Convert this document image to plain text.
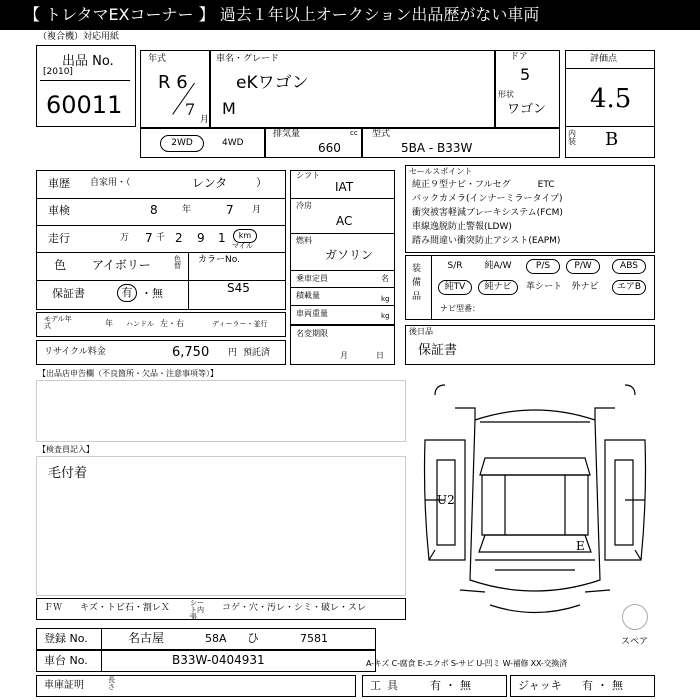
【 トレタマEXコーナー 】 過去１年以上オークション出品歴がない車両
（複合機）対応用紙
出品 No.
[2010]
60011
年式
R 6
7
月
車名・グレード
eKワゴン
M
ドア
5
形状
ワゴン
評価点
4.5
内装 B
2WD	4WD
排気量	cc
660
型式
5BA - B33W
車歴 自家用・（	レンタ	）
車検	8	年	7 月
走行	万 7 千 2 9 1	km
マイル
色 アイボリー	色替
カラーNo.
S45
保証書	有 ・無
モデル年式	年 ハンドル 左・右	ディーラー・並行
リサイクル料金	6,750 円 預託済
シフト
IAT
冷房
AC
燃料
ガソリン
乗車定員	名
積載量	kg
車両重量	kg
名変期限
月	日
セールスポイント
純正９型ナビ・フルセグ　　　ETC
バックカメラ(インナーミラータイプ)
衝突被害軽減ブレーキシステム(FCM)
車線逸脱防止警報(LDW)
踏み間違い衝突防止アシスト(EAPM)
装備品
S/R	純A/W	P/S	P/W	ABS
純TV	純ナビ	革シート	外ナビ	エアB
ナビ型番：
後日品
保証書
【出品店申告欄（不良箇所・欠品・注意事項等）】
【検査員記入】
毛付着
U2
E
スペア
ＦＷ キズ・トビ石・割レＸ	シート内張
コゲ・穴・汚レ・シミ・破レ・スレ
登録 No.	名古屋	58A ひ	7581
車台 No.	B33W-0404931	A-キズ C-腐食 E-エクボ S-サビ U-凹ミ W-補修 XX-交換済
車庫証明	長さ	工具 有・無	ジャッキ 有・無
